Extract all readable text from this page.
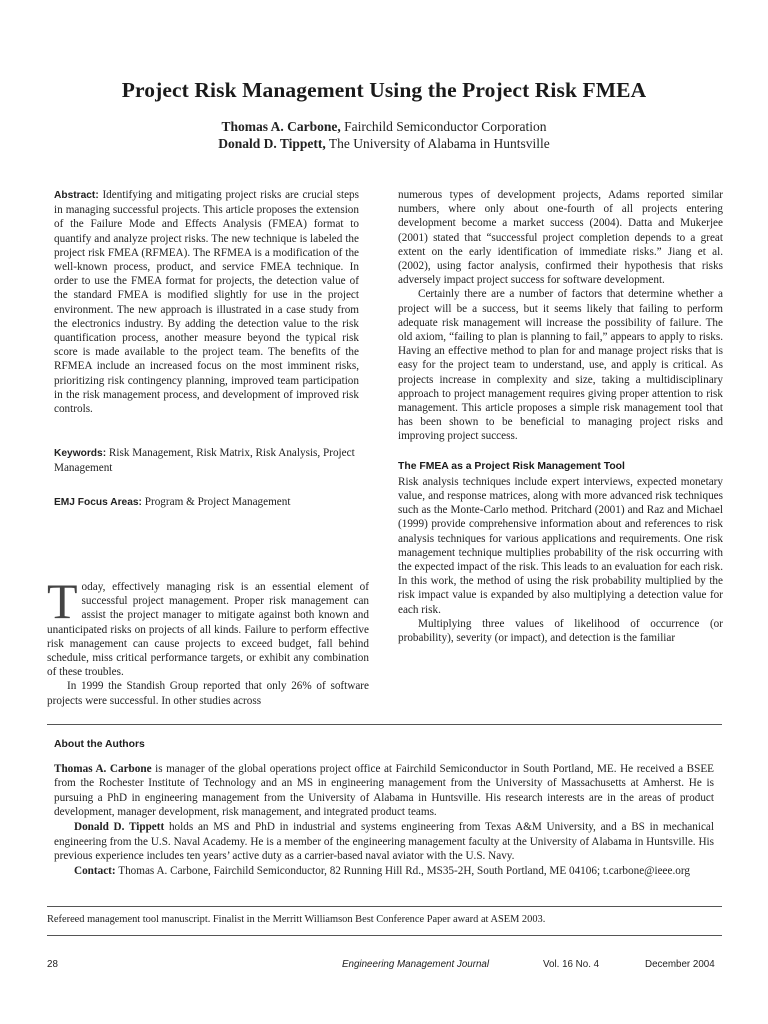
Project Risk Management Using the Project Risk FMEA
Thomas A. Carbone, Fairchild Semiconductor Corporation
Donald D. Tippett, The University of Alabama in Huntsville

Abstract: Identifying and mitigating project risks are crucial steps in managing successful projects. This article proposes the extension of the Failure Mode and Effects Analysis (FMEA) format to quantify and analyze project risks. The new technique is labeled the project risk FMEA (RFMEA). The RFMEA is a modification of the well-known process, product, and service FMEA technique. In order to use the FMEA format for projects, the detection value of the standard FMEA is modified slightly for use in the project environment. The new approach is illustrated in a case study from the electronics industry. By adding the detection value to the risk quantification process, another measure beyond the typical risk score is made available to the project team. The benefits of the RFMEA include an increased focus on the most imminent risks, prioritizing risk contingency planning, improved team participation in the risk management process, and development of improved risk controls.

Keywords: Risk Management, Risk Matrix, Risk Analysis, Project Management

EMJ Focus Areas: Program & Project Management

Today, effectively managing risk is an essential element of successful project management. Proper risk management can assist the project manager to mitigate against both known and unanticipated risks on projects of all kinds. Failure to perform effective risk management can cause projects to exceed budget, fall behind schedule, miss critical performance targets, or exhibit any combination of these troubles.

In 1999 the Standish Group reported that only 26% of software projects were successful. In other studies across

numerous types of development projects, Adams reported similar numbers, where only about one-fourth of all projects entering development become a market success (2004). Datta and Mukerjee (2001) stated that “successful project completion depends to a great extent on the early identification of immediate risks.” Jiang et al. (2002), using factor analysis, confirmed their hypothesis that risks adversely impact project success for software development.

Certainly there are a number of factors that determine whether a project will be a success, but it seems likely that failing to perform adequate risk management will increase the possibility of failure. The old axiom, “failing to plan is planning to fail,” appears to apply to risks. Having an effective method to plan for and manage project risks that is easy for the project team to understand, use, and apply is critical. As projects increase in complexity and size, taking a multidisciplinary approach to project management requires giving proper attention to risk management. This article proposes a simple risk management tool that has been shown to be beneficial to managing project risks and improving project success.

The FMEA as a Project Risk Management Tool

Risk analysis techniques include expert interviews, expected monetary value, and response matrices, along with more advanced risk techniques such as the Monte-Carlo method. Pritchard (2001) and Raz and Michael (1999) provide comprehensive information about and references to risk analysis techniques for various applications and requirements. One risk management technique multiplies probability of the risk occurring with the expected impact of the risk. This leads to an evaluation for each risk. In this work, the method of using the risk probability multiplied by the risk impact value is expanded by also multiplying a detection value for each risk.

Multiplying three values of likelihood of occurrence (or probability), severity (or impact), and detection is the familiar

About the Authors

Thomas A. Carbone is manager of the global operations project office at Fairchild Semiconductor in South Portland, ME. He received a BSEE from the Rochester Institute of Technology and an MS in engineering management from the University of Massachusetts at Amherst. He is pursuing a PhD in engineering management from the University of Alabama in Huntsville. His research interests are in the areas of product development, manager development, risk management, and integrated product teams.

Donald D. Tippett holds an MS and PhD in industrial and systems engineering from Texas A&M University, and a BS in mechanical engineering from the U.S. Naval Academy. He is a member of the engineering management faculty at the University of Alabama in Huntsville. His previous experience includes ten years’ active duty as a carrier-based naval aviator with the U.S. Navy.

Contact: Thomas A. Carbone, Fairchild Semiconductor, 82 Running Hill Rd., MS35-2H, South Portland, ME 04106; t.carbone@ieee.org

Refereed management tool manuscript. Finalist in the Merritt Williamson Best Conference Paper award at ASEM 2003.
28	Engineering Management Journal	Vol. 16 No. 4	December 2004
